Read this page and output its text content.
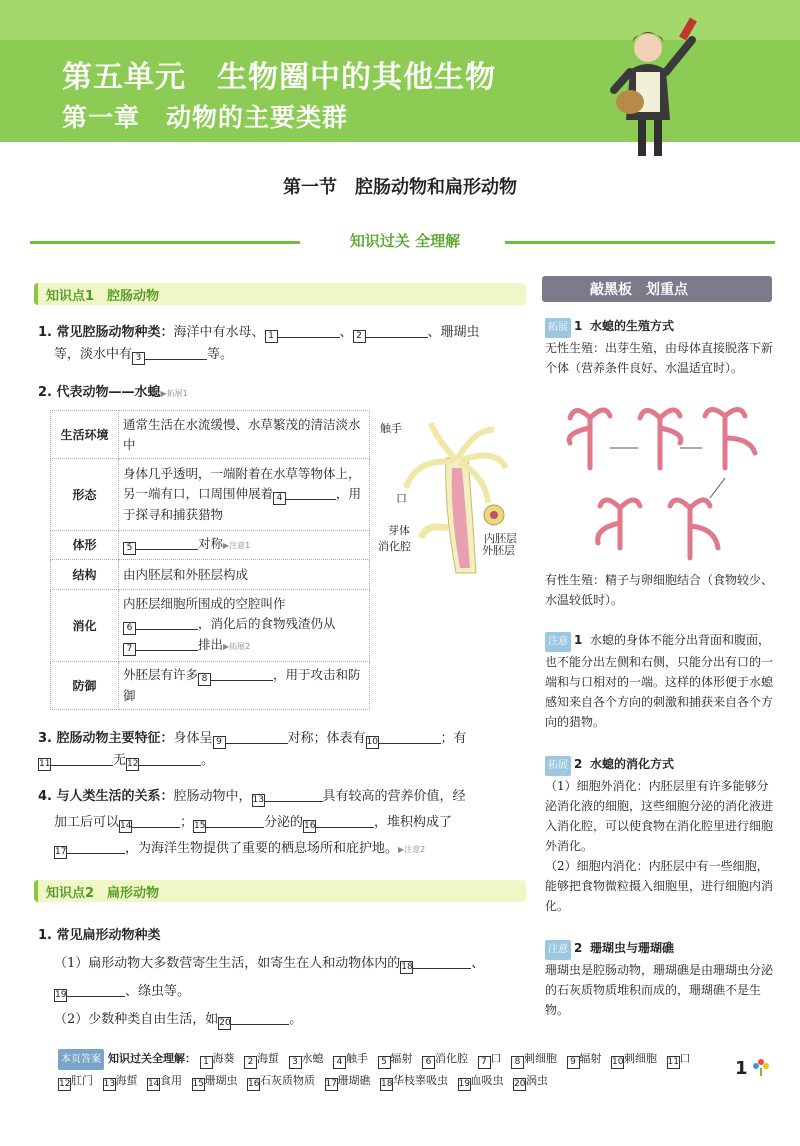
第五单元　生物圈中的其他生物
第一章　动物的主要类群
第一节　腔肠动物和扁形动物
知识过关 全理解
知识点1　腔肠动物
1. 常见腔肠动物种类：海洋中有水母、 1	、 2	、珊瑚虫
等，淡水中有 3	等。
2. 代表动物——水螅▶拓展1
生活环境	通常生活在水流缓慢、水草繁茂的清洁淡水中
形态	身体几乎透明，一端附着在水草等物体上，另一端有口，口周围伸展着 4 ，用于探寻和捕获猎物
体形	5 对称▶注意1
结构	由内胚层和外胚层构成
消化	内胚层细胞所围成的空腔叫作
6 ，消化后的食物残渣仍从
7 排出▶拓展2
防御	外胚层有许多 8 ，用于攻击和防御
触手
口
芽体
消化腔
内胚层
外胚层
3. 腔肠动物主要特征：身体呈 9	对称；体表有10	；有
11	无12	。
4. 与人类生活的关系：腔肠动物中，13	具有较高的营养价值，经
加工后可以14	；15	分泌的16	，堆积构成了
17	，为海洋生物提供了重要的栖息场所和庇护地。▶注意2
知识点2　扁形动物
1. 常见扁形动物种类
（1）扁形动物大多数营寄生生活，如寄生在人和动物体内的18	、
19	、绦虫等。
（2）少数种类自由生活，如20	。
敲黑板　划重点
拓展 1 水螅的生殖方式
无性生殖：出芽生殖，由母体直接脱落下新个体（营养条件良好、水温适宜时）。
有性生殖：精子与卵细胞结合（食物较少、水温较低时）。
注意 1 水螅的身体不能分出背面和腹面，也不能分出左侧和右侧，只能分出有口的一端和与口相对的一端。这样的体形便于水螅感知来自各个方向的刺激和捕获来自各个方向的猎物。
拓展 2 水螅的消化方式
（1）细胞外消化：内胚层里有许多能够分泌消化液的细胞，这些细胞分泌的消化液进入消化腔，可以使食物在消化腔里进行细胞外消化。
（2）细胞内消化：内胚层中有一些细胞，能够把食物微粒摄入细胞里，进行细胞内消化。
注意 2 珊瑚虫与珊瑚礁
珊瑚虫是腔肠动物，珊瑚礁是由珊瑚虫分泌的石灰质物质堆积而成的，珊瑚礁不是生物。
本页答案 知识过关全理解： 1 海葵 2 海蜇 3 水螅 4 触手 5 辐射 6 消化腔 7 口 8 刺细胞 9 辐射 10刺细胞 11口 12肛门 13海蜇 14食用 15珊瑚虫 16石灰质物质 17珊瑚礁 18华枝睾吸虫 19血吸虫 20涡虫
1
